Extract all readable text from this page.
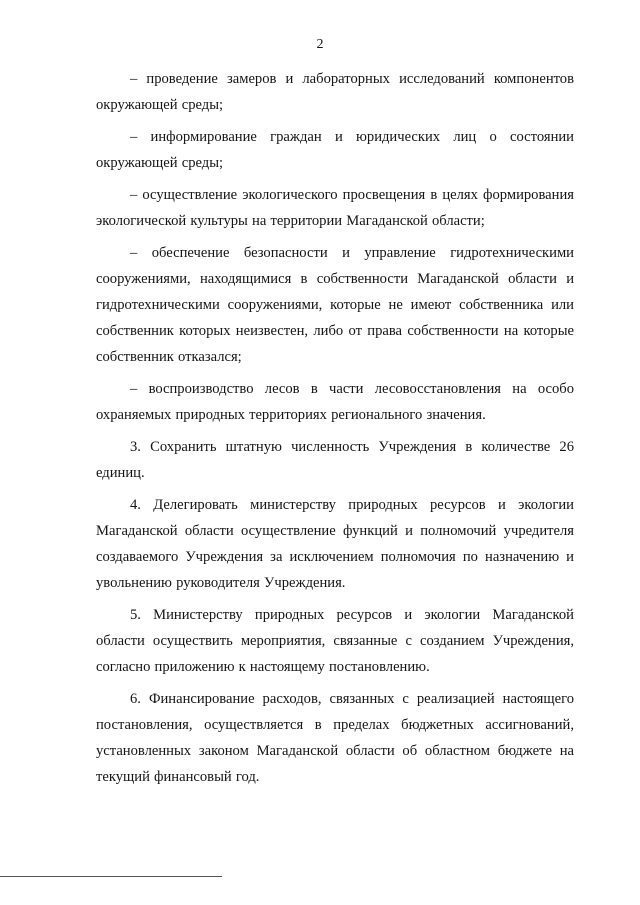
2

– проведение замеров и лабораторных исследований компонентов окружающей среды;

– информирование граждан и юридических лиц о состоянии окружающей среды;

– осуществление экологического просвещения в целях формирования экологической культуры на территории Магаданской области;

– обеспечение безопасности и управление гидротехническими сооружениями, находящимися в собственности Магаданской области и гидротехническими сооружениями, которые не имеют собственника или собственник которых неизвестен, либо от права собственности на которые собственник отказался;

– воспроизводство лесов в части лесовосстановления на особо охраняемых природных территориях регионального значения.

3. Сохранить штатную численность Учреждения в количестве 26 единиц.

4. Делегировать министерству природных ресурсов и экологии Магаданской области осуществление функций и полномочий учредителя создаваемого Учреждения за исключением полномочия по назначению и увольнению руководителя Учреждения.

5. Министерству природных ресурсов и экологии Магаданской области осуществить мероприятия, связанные с созданием Учреждения, согласно приложению к настоящему постановлению.

6. Финансирование расходов, связанных с реализацией настоящего постановления, осуществляется в пределах бюджетных ассигнований, установленных законом Магаданской области об областном бюджете на текущий финансовый год.
